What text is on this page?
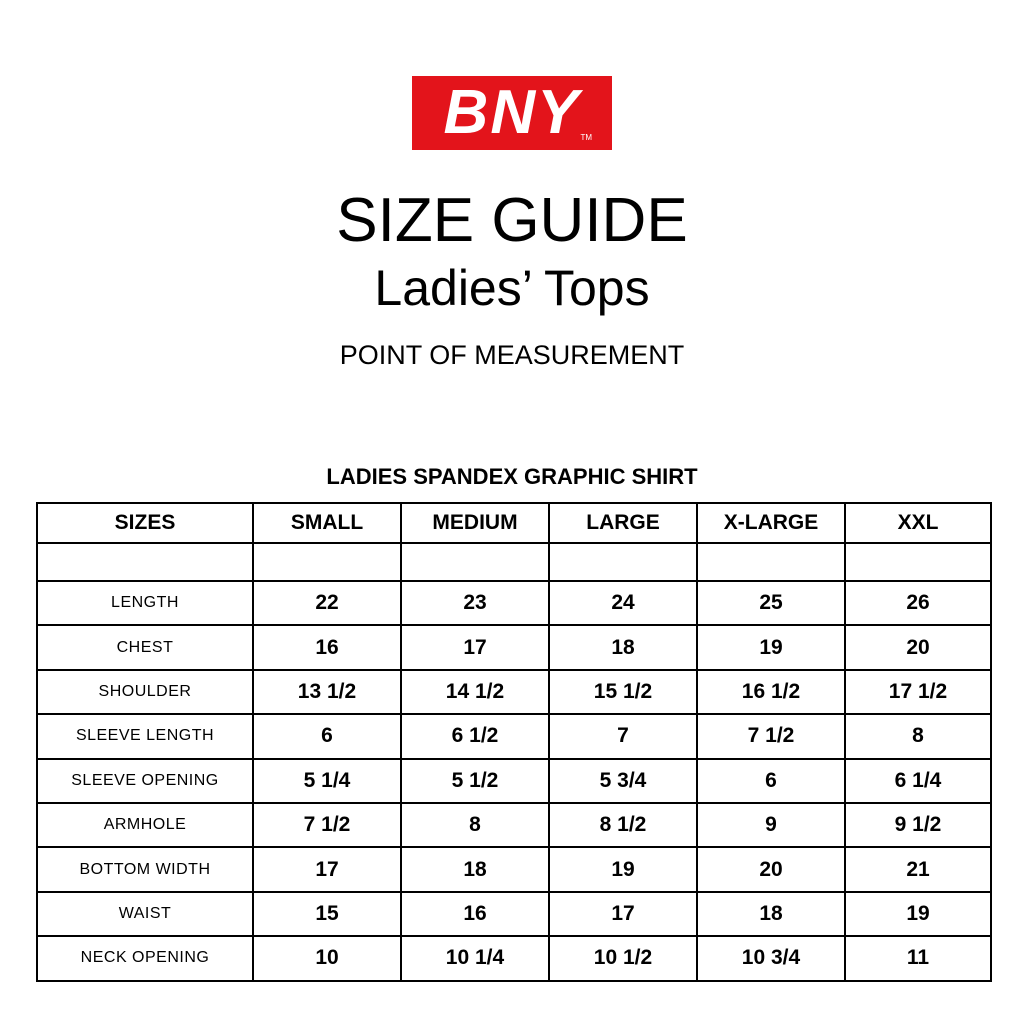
BNY TM
SIZE GUIDE
Ladies’ Tops
POINT OF MEASUREMENT
LADIES SPANDEX GRAPHIC SHIRT
SIZES	SMALL	MEDIUM	LARGE	X-LARGE	XXL

LENGTH	22	23	24	25	26
CHEST	16	17	18	19	20
SHOULDER	13 1/2	14 1/2	15 1/2	16 1/2	17 1/2
SLEEVE LENGTH	6	6 1/2	7	7 1/2	8
SLEEVE OPENING	5 1/4	5 1/2	5 3/4	6	6 1/4
ARMHOLE	7 1/2	8	8 1/2	9	9 1/2
BOTTOM WIDTH	17	18	19	20	21
WAIST	15	16	17	18	19
NECK OPENING	10	10 1/4	10 1/2	10 3/4	11
